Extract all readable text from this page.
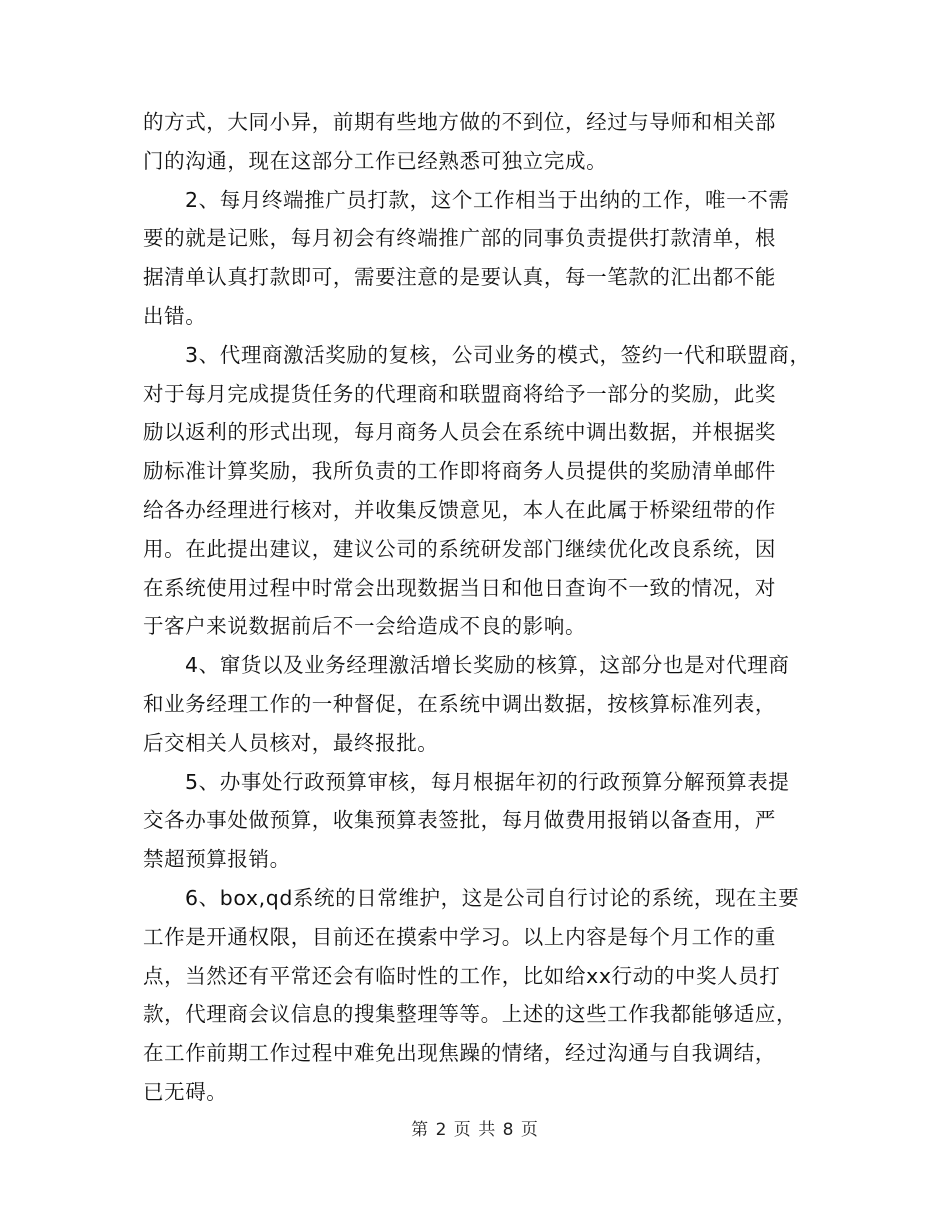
的方式，大同小异，前期有些地方做的不到位，经过与导师和相关部
门的沟通，现在这部分工作已经熟悉可独立完成。
2、每月终端推广员打款，这个工作相当于出纳的工作，唯一不需
要的就是记账，每月初会有终端推广部的同事负责提供打款清单，根
据清单认真打款即可，需要注意的是要认真，每一笔款的汇出都不能
出错。
3、代理商激活奖励的复核，公司业务的模式，签约一代和联盟商，
对于每月完成提货任务的代理商和联盟商将给予一部分的奖励，此奖
励以返利的形式出现，每月商务人员会在系统中调出数据，并根据奖
励标准计算奖励，我所负责的工作即将商务人员提供的奖励清单邮件
给各办经理进行核对，并收集反馈意见，本人在此属于桥梁纽带的作
用。在此提出建议，建议公司的系统研发部门继续优化改良系统，因
在系统使用过程中时常会出现数据当日和他日查询不一致的情况，对
于客户来说数据前后不一会给造成不良的影响。
4、窜货以及业务经理激活增长奖励的核算，这部分也是对代理商
和业务经理工作的一种督促，在系统中调出数据，按核算标准列表，
后交相关人员核对，最终报批。
5、办事处行政预算审核，每月根据年初的行政预算分解预算表提
交各办事处做预算，收集预算表签批，每月做费用报销以备查用，严
禁超预算报销。
6、box,qd系统的日常维护，这是公司自行讨论的系统，现在主要
工作是开通权限，目前还在摸索中学习。以上内容是每个月工作的重
点，当然还有平常还会有临时性的工作，比如给xx行动的中奖人员打
款，代理商会议信息的搜集整理等等。上述的这些工作我都能够适应，
在工作前期工作过程中难免出现焦躁的情绪，经过沟通与自我调结，
已无碍。
第 2 页 共 8 页
